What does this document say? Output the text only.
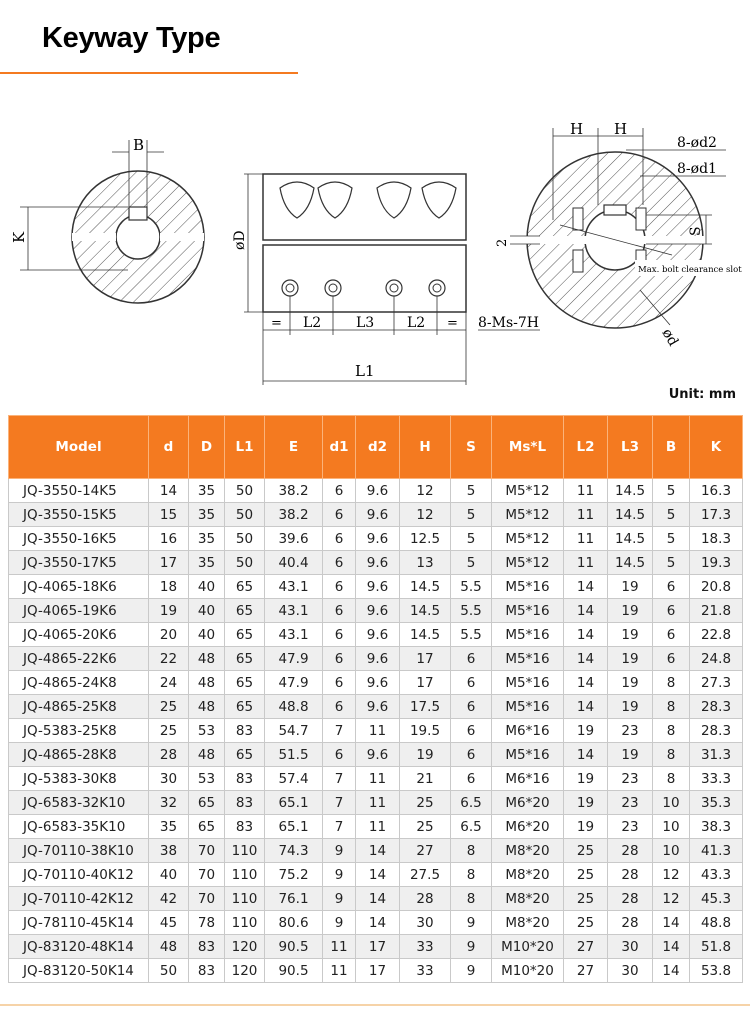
Keyway Type
B
K	øD
= L2 L3 L2 =
L1
8-Ms-7H
H H
8-ød2
8-ød1
2
S
Max. bolt clearance slot
ød
Unit: mm
Model	d	D	L1	E	d1	d2	H	S	Ms*L	L2	L3	B	K
JQ-3550-14K5	14	35	50	38.2	6	9.6	12	5	M5*12	11	14.5	5	16.3
JQ-3550-15K5	15	35	50	38.2	6	9.6	12	5	M5*12	11	14.5	5	17.3
JQ-3550-16K5	16	35	50	39.6	6	9.6	12.5	5	M5*12	11	14.5	5	18.3
JQ-3550-17K5	17	35	50	40.4	6	9.6	13	5	M5*12	11	14.5	5	19.3
JQ-4065-18K6	18	40	65	43.1	6	9.6	14.5	5.5	M5*16	14	19	6	20.8
JQ-4065-19K6	19	40	65	43.1	6	9.6	14.5	5.5	M5*16	14	19	6	21.8
JQ-4065-20K6	20	40	65	43.1	6	9.6	14.5	5.5	M5*16	14	19	6	22.8
JQ-4865-22K6	22	48	65	47.9	6	9.6	17	6	M5*16	14	19	6	24.8
JQ-4865-24K8	24	48	65	47.9	6	9.6	17	6	M5*16	14	19	8	27.3
JQ-4865-25K8	25	48	65	48.8	6	9.6	17.5	6	M5*16	14	19	8	28.3
JQ-5383-25K8	25	53	83	54.7	7	11	19.5	6	M6*16	19	23	8	28.3
JQ-4865-28K8	28	48	65	51.5	6	9.6	19	6	M5*16	14	19	8	31.3
JQ-5383-30K8	30	53	83	57.4	7	11	21	6	M6*16	19	23	8	33.3
JQ-6583-32K10	32	65	83	65.1	7	11	25	6.5	M6*20	19	23	10	35.3
JQ-6583-35K10	35	65	83	65.1	7	11	25	6.5	M6*20	19	23	10	38.3
JQ-70110-38K10	38	70	110	74.3	9	14	27	8	M8*20	25	28	10	41.3
JQ-70110-40K12	40	70	110	75.2	9	14	27.5	8	M8*20	25	28	12	43.3
JQ-70110-42K12	42	70	110	76.1	9	14	28	8	M8*20	25	28	12	45.3
JQ-78110-45K14	45	78	110	80.6	9	14	30	9	M8*20	25	28	14	48.8
JQ-83120-48K14	48	83	120	90.5	11	17	33	9	M10*20	27	30	14	51.8
JQ-83120-50K14	50	83	120	90.5	11	17	33	9	M10*20	27	30	14	53.8
